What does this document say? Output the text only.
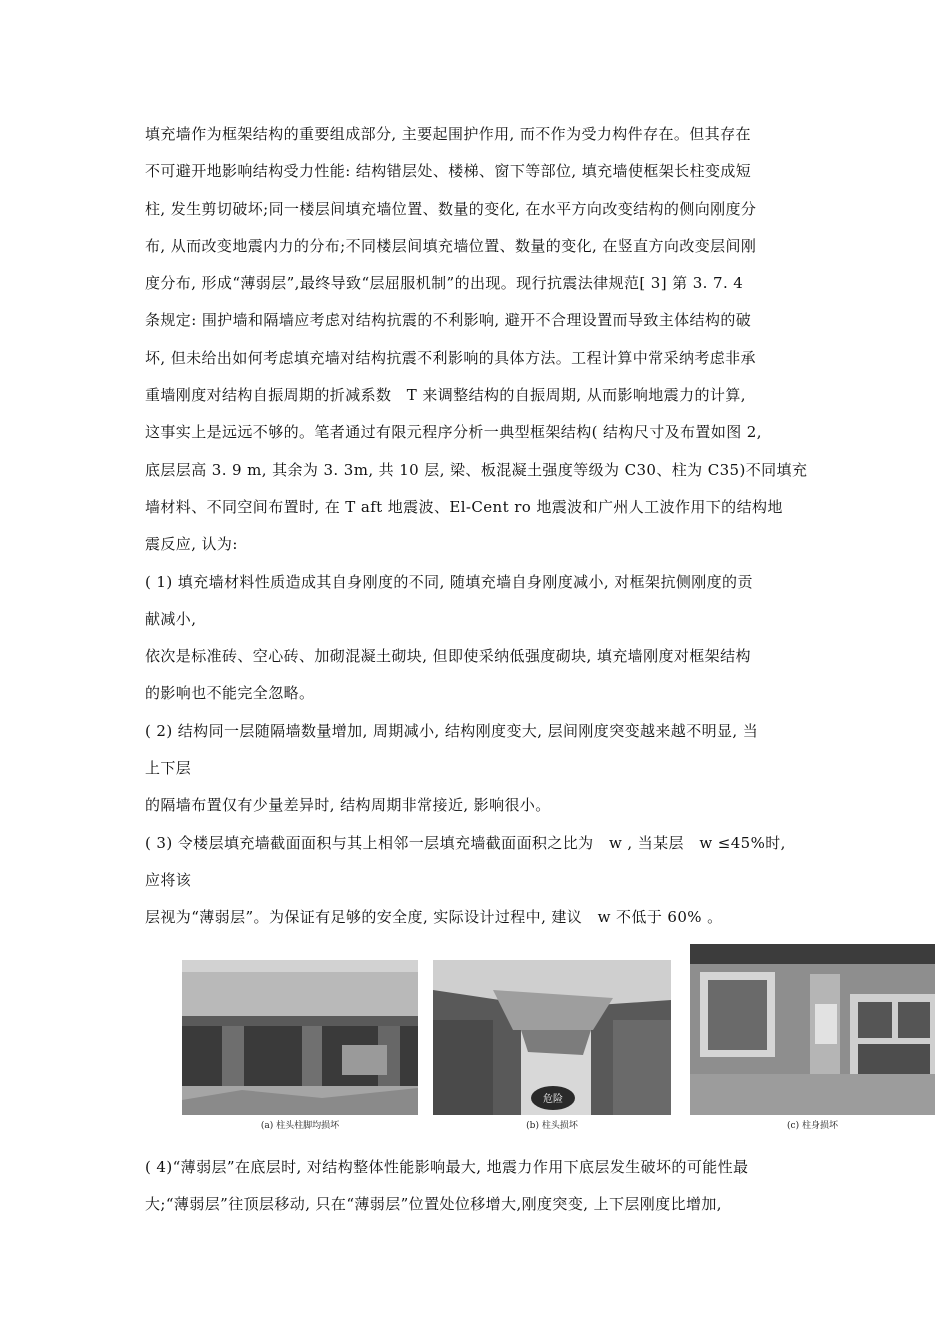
填充墙作为框架结构的重要组成部分, 主要起围护作用, 而不作为受力构件存在。但其存在
不可避开地影响结构受力性能: 结构错层处、楼梯、窗下等部位, 填充墙使框架长柱变成短
柱, 发生剪切破坏;同一楼层间填充墙位置、数量的变化, 在水平方向改变结构的侧向刚度分
布, 从而改变地震内力的分布;不同楼层间填充墙位置、数量的变化, 在竖直方向改变层间刚
度分布, 形成“薄弱层”,最终导致“层屈服机制”的出现。现行抗震法律规范[ 3] 第 3. 7. 4
条规定: 围护墙和隔墙应考虑对结构抗震的不利影响, 避开不合理设置而导致主体结构的破
坏, 但未给出如何考虑填充墙对结构抗震不利影响的具体方法。工程计算中常采纳考虑非承
重墙刚度对结构自振周期的折减系数　T 来调整结构的自振周期, 从而影响地震力的计算,
这事实上是远远不够的。笔者通过有限元程序分析一典型框架结构( 结构尺寸及布置如图 2,
底层层高 3. 9 m, 其余为 3. 3m, 共 10 层, 梁、板混凝土强度等级为 C30、柱为 C35)不同填充
墙材料、不同空间布置时, 在 T aft 地震波、El-Cent ro 地震波和广州人工波作用下的结构地
震反应, 认为:
( 1) 填充墙材料性质造成其自身刚度的不同, 随填充墙自身刚度减小, 对框架抗侧刚度的贡
献减小,
依次是标准砖、空心砖、加砌混凝土砌块, 但即使采纳低强度砌块, 填充墙刚度对框架结构
的影响也不能完全忽略。
( 2) 结构同一层随隔墙数量增加, 周期减小, 结构刚度变大, 层间刚度突变越来越不明显, 当
上下层
的隔墙布置仅有少量差异时, 结构周期非常接近, 影响很小。
( 3) 令楼层填充墙截面面积与其上相邻一层填充墙截面面积之比为　w , 当某层　w ≤45%时,
应将该
层视为“薄弱层”。为保证有足够的安全度, 实际设计过程中, 建议　w 不低于 60% 。
危险
(a) 柱头柱脚均损坏	(b) 柱头损坏	(c) 柱身损坏
( 4)“薄弱层”在底层时, 对结构整体性能影响最大, 地震力作用下底层发生破坏的可能性最
大;“薄弱层”往顶层移动, 只在“薄弱层”位置处位移增大,刚度突变, 上下层刚度比增加,
